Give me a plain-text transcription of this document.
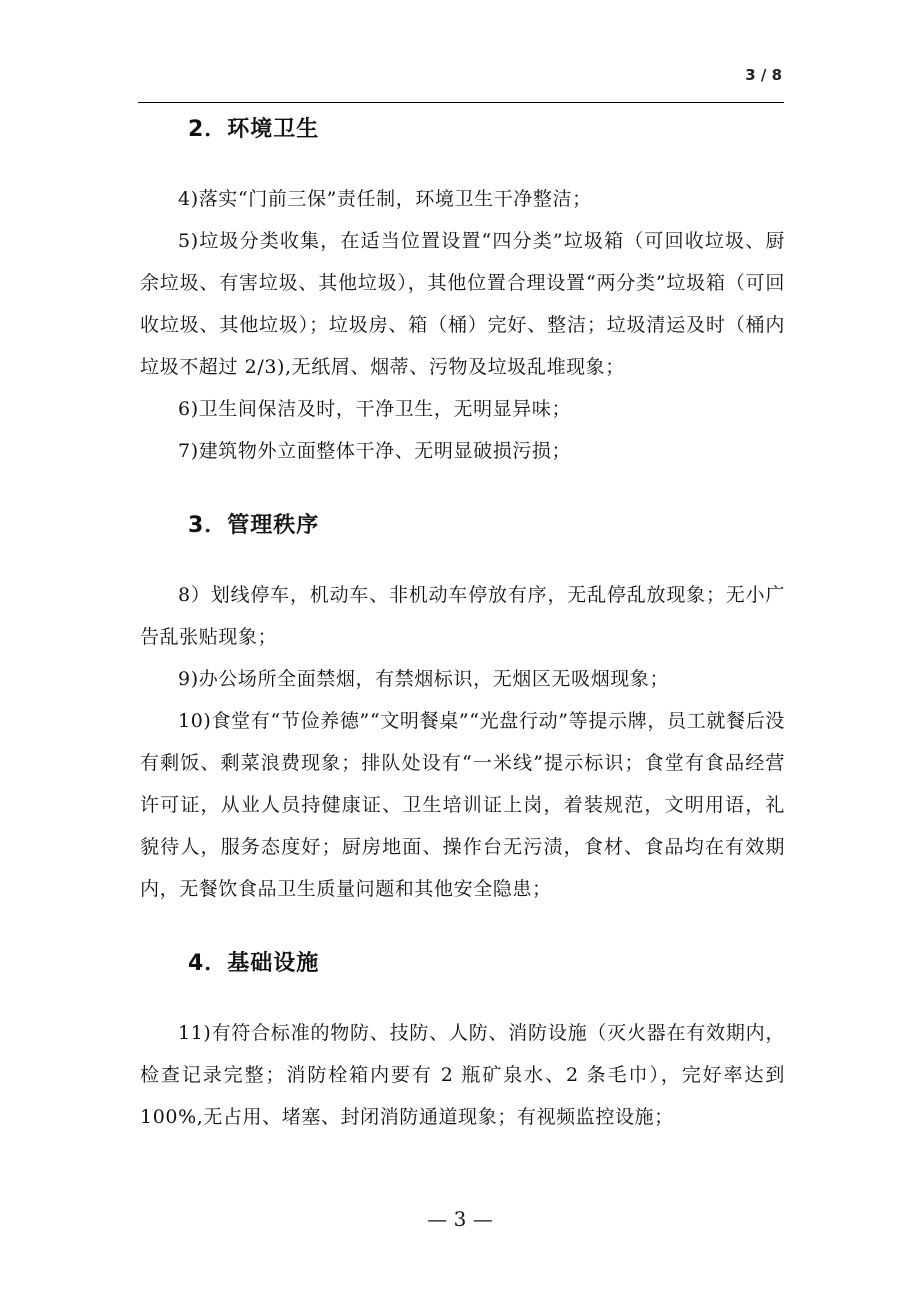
3 / 8
2．环境卫生

4)落实“门前三保”责任制，环境卫生干净整洁；

5)垃圾分类收集，在适当位置设置“四分类”垃圾箱（可回收垃圾、厨余垃圾、有害垃圾、其他垃圾），其他位置合理设置“两分类”垃圾箱（可回收垃圾、其他垃圾）；垃圾房、箱（桶）完好、整洁；垃圾清运及时（桶内垃圾不超过 2/3),无纸屑、烟蒂、污物及垃圾乱堆现象；

6)卫生间保洁及时，干净卫生，无明显异味；

7)建筑物外立面整体干净、无明显破损污损；

3．管理秩序

8）划线停车，机动车、非机动车停放有序，无乱停乱放现象；无小广告乱张贴现象；

9)办公场所全面禁烟，有禁烟标识，无烟区无吸烟现象；

10)食堂有“节俭养德”“文明餐桌”“光盘行动”等提示牌，员工就餐后没有剩饭、剩菜浪费现象；排队处设有“一米线”提示标识；食堂有食品经营许可证，从业人员持健康证、卫生培训证上岗，着装规范，文明用语，礼貌待人，服务态度好；厨房地面、操作台无污渍，食材、食品均在有效期内，无餐饮食品卫生质量问题和其他安全隐患；

4．基础设施

11)有符合标准的物防、技防、人防、消防设施（灭火器在有效期内，检查记录完整；消防栓箱内要有 2 瓶矿泉水、2 条毛巾），完好率达到 100%,无占用、堵塞、封闭消防通道现象；有视频监控设施；

— 3 —
